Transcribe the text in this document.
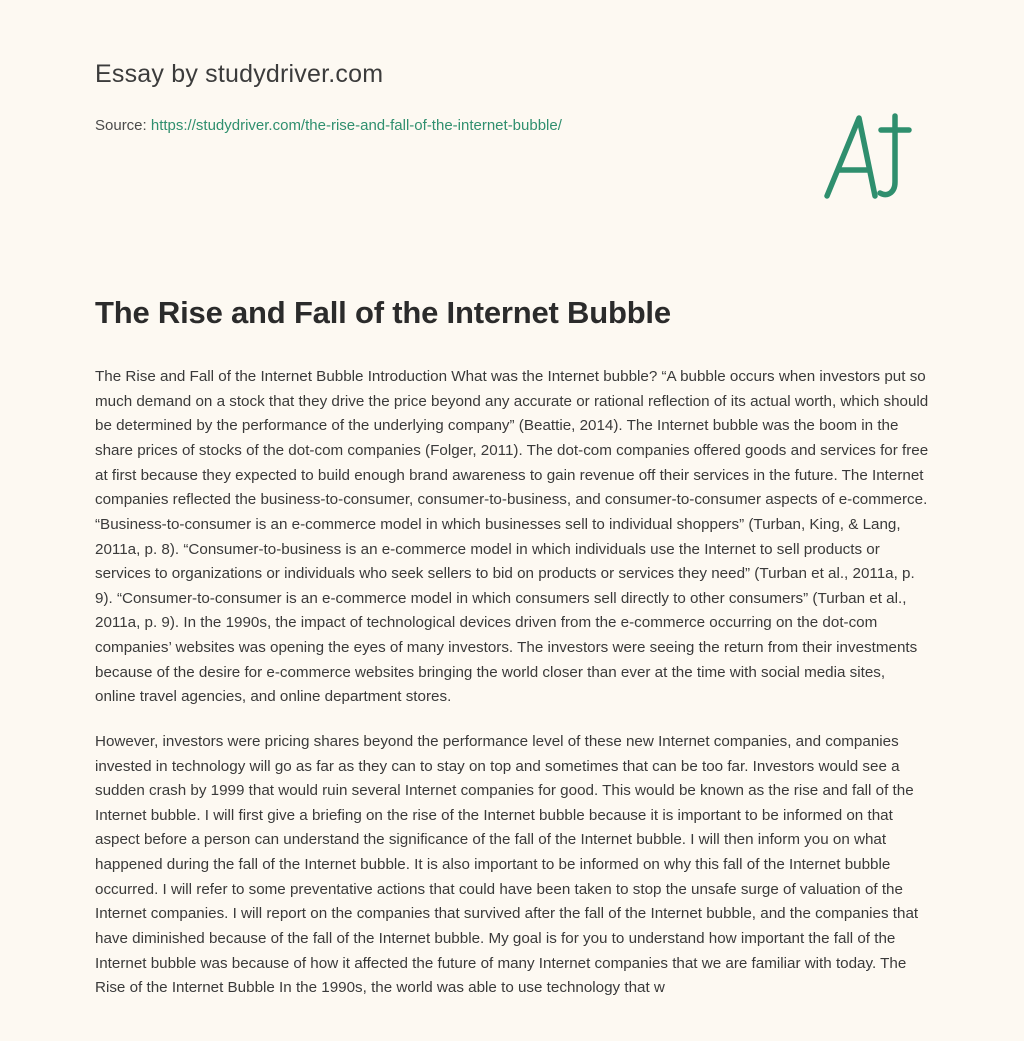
Essay by studydriver.com
Source: https://studydriver.com/the-rise-and-fall-of-the-internet-bubble/
The Rise and Fall of the Internet Bubble

The Rise and Fall of the Internet Bubble Introduction What was the Internet bubble? “A bubble occurs when investors put so much demand on a stock that they drive the price beyond any accurate or rational reflection of its actual worth, which should be determined by the performance of the underlying company” (Beattie, 2014). The Internet bubble was the boom in the share prices of stocks of the dot-com companies (Folger, 2011). The dot-com companies offered goods and services for free at first because they expected to build enough brand awareness to gain revenue off their services in the future. The Internet companies reflected the business-to-consumer, consumer-to-business, and consumer-to-consumer aspects of e-commerce. “Business-to-consumer is an e-commerce model in which businesses sell to individual shoppers” (Turban, King, & Lang, 2011a, p. 8). “Consumer-to-business is an e-commerce model in which individuals use the Internet to sell products or services to organizations or individuals who seek sellers to bid on products or services they need” (Turban et al., 2011a, p. 9). “Consumer-to-consumer is an e-commerce model in which consumers sell directly to other consumers” (Turban et al., 2011a, p. 9). In the 1990s, the impact of technological devices driven from the e-commerce occurring on the dot-com companies’ websites was opening the eyes of many investors. The investors were seeing the return from their investments because of the desire for e-commerce websites bringing the world closer than ever at the time with social media sites, online travel agencies, and online department stores.

However, investors were pricing shares beyond the performance level of these new Internet companies, and companies invested in technology will go as far as they can to stay on top and sometimes that can be too far. Investors would see a sudden crash by 1999 that would ruin several Internet companies for good. This would be known as the rise and fall of the Internet bubble. I will first give a briefing on the rise of the Internet bubble because it is important to be informed on that aspect before a person can understand the significance of the fall of the Internet bubble. I will then inform you on what happened during the fall of the Internet bubble. It is also important to be informed on why this fall of the Internet bubble occurred. I will refer to some preventative actions that could have been taken to stop the unsafe surge of valuation of the Internet companies. I will report on the companies that survived after the fall of the Internet bubble, and the companies that have diminished because of the fall of the Internet bubble. My goal is for you to understand how important the fall of the Internet bubble was because of how it affected the future of many Internet companies that we are familiar with today. The Rise of the Internet Bubble In the 1990s, the world was able to use technology that w
